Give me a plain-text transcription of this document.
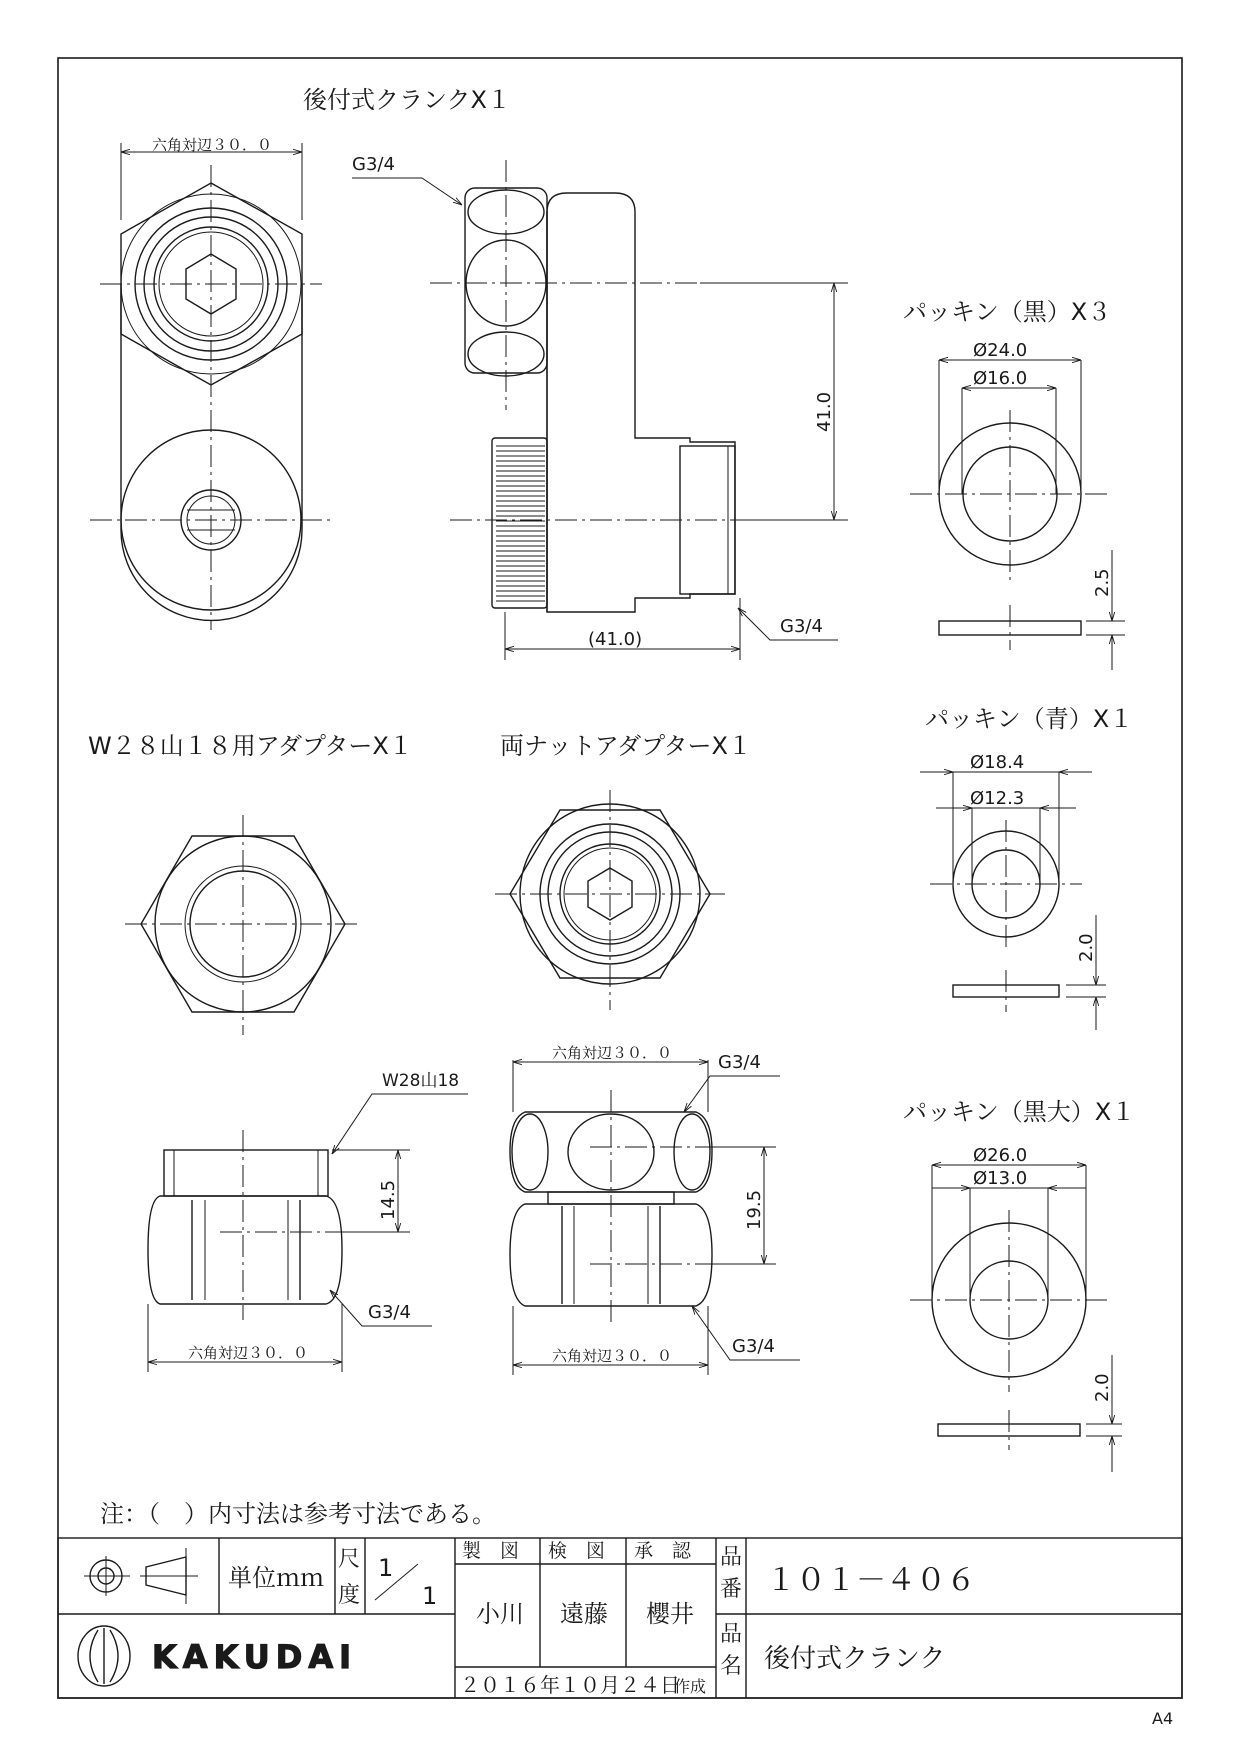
後付式クランクX１
六角対辺３０．０
G3/4
41.0
(41.0)
G3/4
パッキン（黒）X３
Ø24.0
Ø16.0
2.5
パッキン（青）X１
Ø18.4
Ø12.3
2.0
パッキン（黒大）X１
Ø26.0
Ø13.0
2.0
W２８山１８用アダプターX１
W28山18
14.5
G3/4
六角対辺３０．０
両ナットアダプターX１
六角対辺３０．０	G3/4
19.5
G3/4
六角対辺３０．０
注：（　）内寸法は参考寸法である。
単位ｍｍ
尺
度
1
1
製　図 検　図 承　認
小川 遠藤 櫻井
品
番 １０１－４０６
品
名 後付式クランク
２０１６年１０月２４日
作成
KAKUDAI
A4
